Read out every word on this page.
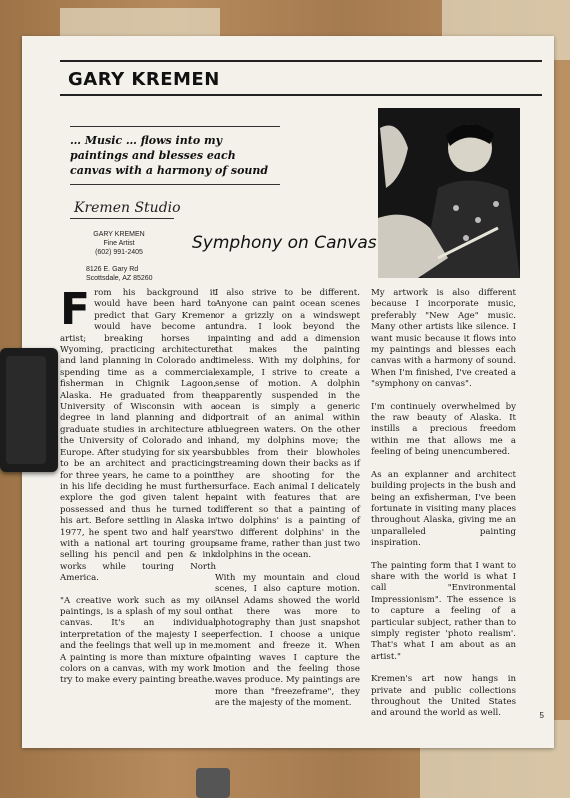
GARY KREMEN
… Music … flows into my paintings and blesses each canvas with a harmony of sound
Kremen Studio
GARY KREMEN
Fine Artist
(602) 991-2405
8126 E. Gary Rd
Scottsdale, AZ 85260
Symphony on Canvas

From his background it would have been hard to predict that Gary Kremen would have become an artist; breaking horses in Wyoming, practicing architecture and land planning in Colorado and spending time as a commercial fisherman in Chignik Lagoon, Alaska. He graduated from the University of Wisconsin with a degree in land planning and did graduate studies in architecture at the University of Colorado and in Europe. After studying for six years to be an architect and practicing for three years, he came to a point in his life deciding he must further explore the god given talent he possessed and thus he turned to his art. Before settling in Alaska in 1977, he spent two and half years with a national art touring group selling his pencil and pen & ink works while touring North America.

"A creative work such as my oil paintings, is a splash of my soul on canvas. It's an individual interpretation of the majesty I see and the feelings that well up in me. A painting is more than mixture of colors on a canvas, with my work I try to make every painting breathe.

I also strive to be different. Anyone can paint ocean scenes or a grizzly on a windswept tundra. I look beyond the painting and add a dimension that makes the painting timeless. With my dolphins, for example, I strive to create a sense of motion. A dolphin apparently suspended in the ocean is simply a generic portrait of an animal within bluegreen waters. On the other hand, my dolphins move; the bubbles from their blowholes streaming down their backs as if they are shooting for the surface. Each animal I delicately paint with features that are different so that a painting of 'two dolphins' is a painting of 'two different dolphins' in the same frame, rather than just two dolphins in the ocean.

With my mountain and cloud scenes, I also capture motion. Ansel Adams showed the world that there was more to photography than just snapshot perfection. I choose a unique moment and freeze it. When painting waves I capture the motion and the feeling those waves produce. My paintings are more than "freezeframe", they are the majesty of the moment.

My artwork is also different because I incorporate music, preferably "New Age" music. Many other artists like silence. I want music because it flows into my paintings and blesses each canvas with a harmony of sound. When I'm finished, I've created a "symphony on canvas".

I'm continuely overwhelmed by the raw beauty of Alaska. It instills a precious freedom within me that allows me a feeling of being unencumbered.

As an explanner and architect building projects in the bush and being an exfisherman, I've been fortunate in visiting many places throughout Alaska, giving me an unparalleled painting inspiration.

The painting form that I want to share with the world is what I call "Environmental Impressionism". The essence is to capture a feeling of a particular subject, rather than to simply register 'photo realism'. That's what I am about as an artist."

Kremen's art now hangs in private and public collections throughout the United States and around the world as well.	5
